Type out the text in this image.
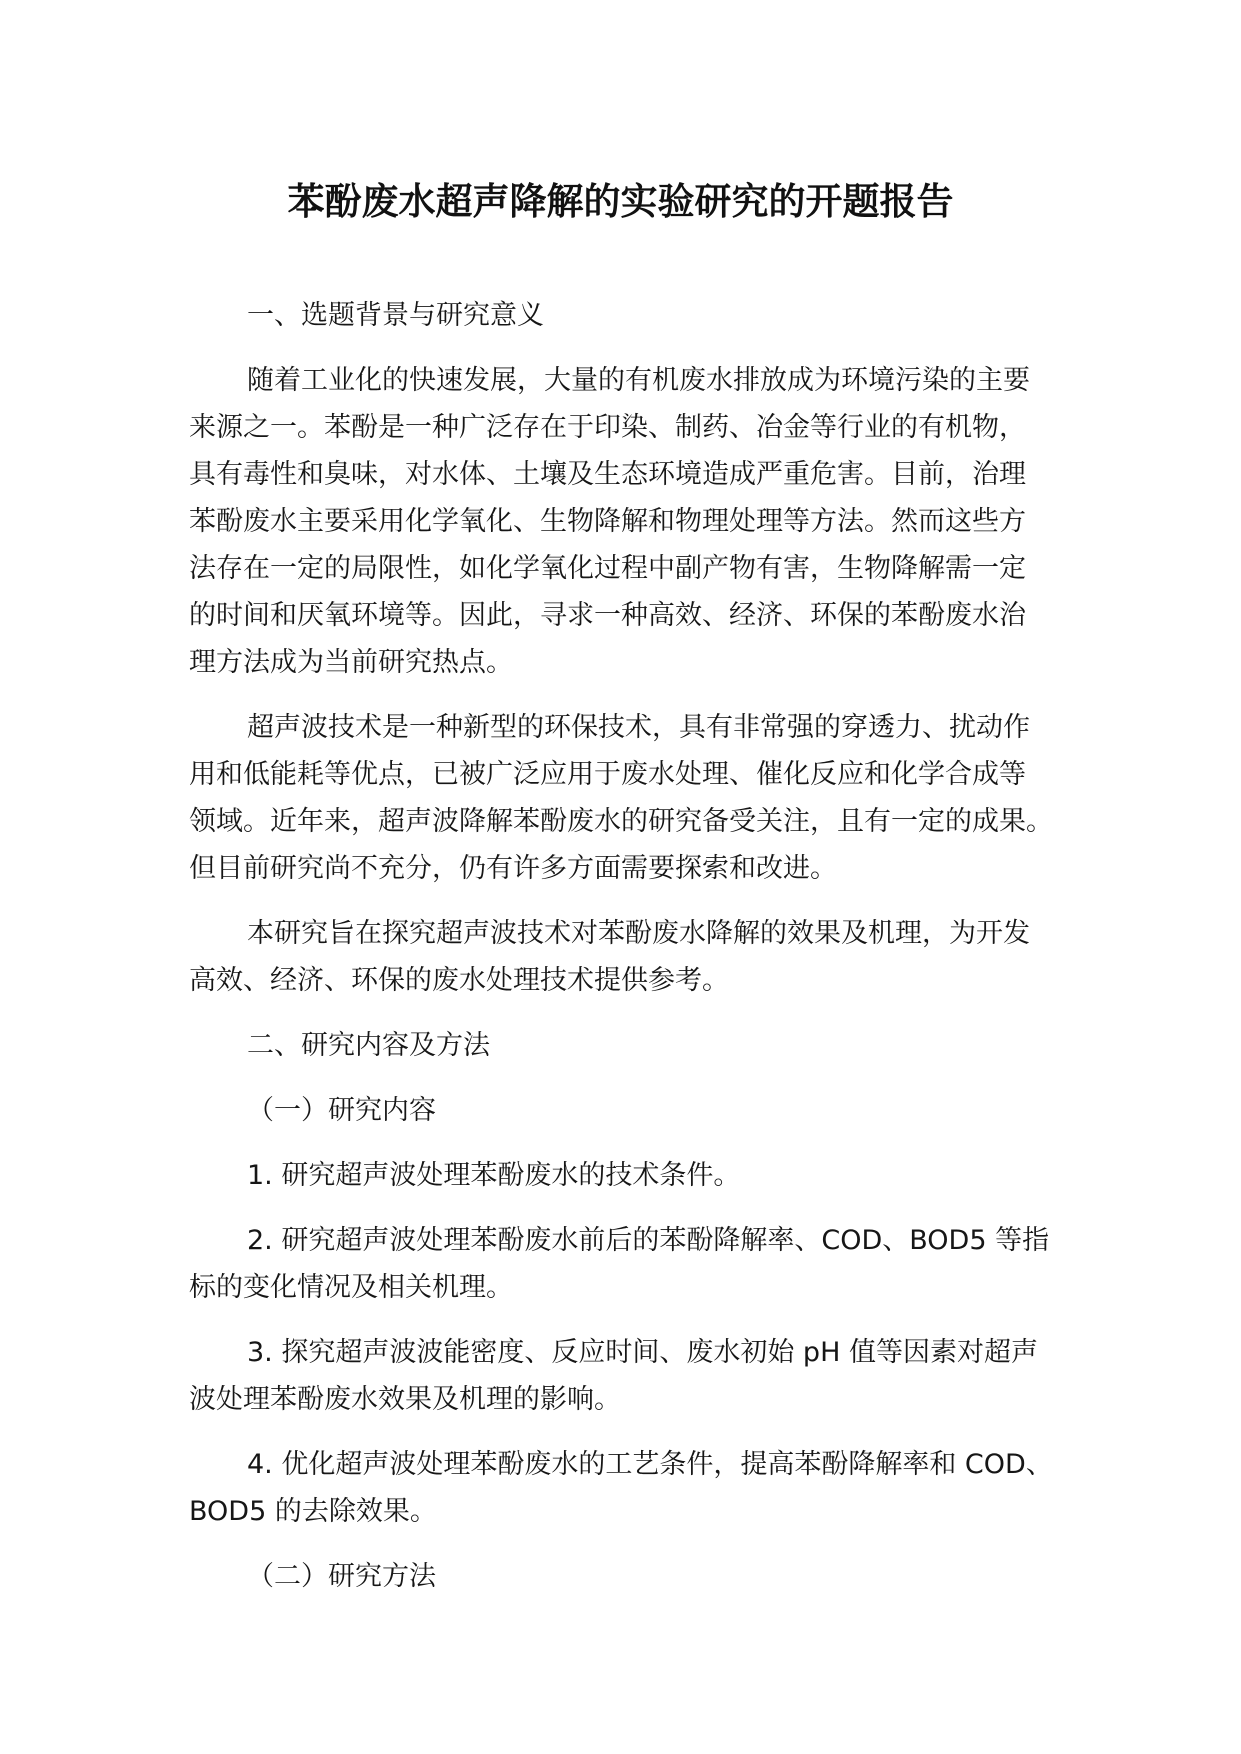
苯酚废水超声降解的实验研究的开题报告
一、选题背景与研究意义
随着工业化的快速发展，大量的有机废水排放成为环境污染的主要
来源之一。苯酚是一种广泛存在于印染、制药、冶金等行业的有机物，
具有毒性和臭味，对水体、土壤及生态环境造成严重危害。目前，治理
苯酚废水主要采用化学氧化、生物降解和物理处理等方法。然而这些方
法存在一定的局限性，如化学氧化过程中副产物有害，生物降解需一定
的时间和厌氧环境等。因此，寻求一种高效、经济、环保的苯酚废水治
理方法成为当前研究热点。
超声波技术是一种新型的环保技术，具有非常强的穿透力、扰动作
用和低能耗等优点，已被广泛应用于废水处理、催化反应和化学合成等
领域。近年来，超声波降解苯酚废水的研究备受关注，且有一定的成果。
但目前研究尚不充分，仍有许多方面需要探索和改进。
本研究旨在探究超声波技术对苯酚废水降解的效果及机理，为开发
高效、经济、环保的废水处理技术提供参考。
二、研究内容及方法
（一）研究内容
1. 研究超声波处理苯酚废水的技术条件。
2. 研究超声波处理苯酚废水前后的苯酚降解率、COD、BOD5 等指
标的变化情况及相关机理。
3. 探究超声波波能密度、反应时间、废水初始 pH 值等因素对超声
波处理苯酚废水效果及机理的影响。
4. 优化超声波处理苯酚废水的工艺条件，提高苯酚降解率和 COD、
BOD5 的去除效果。
（二）研究方法
